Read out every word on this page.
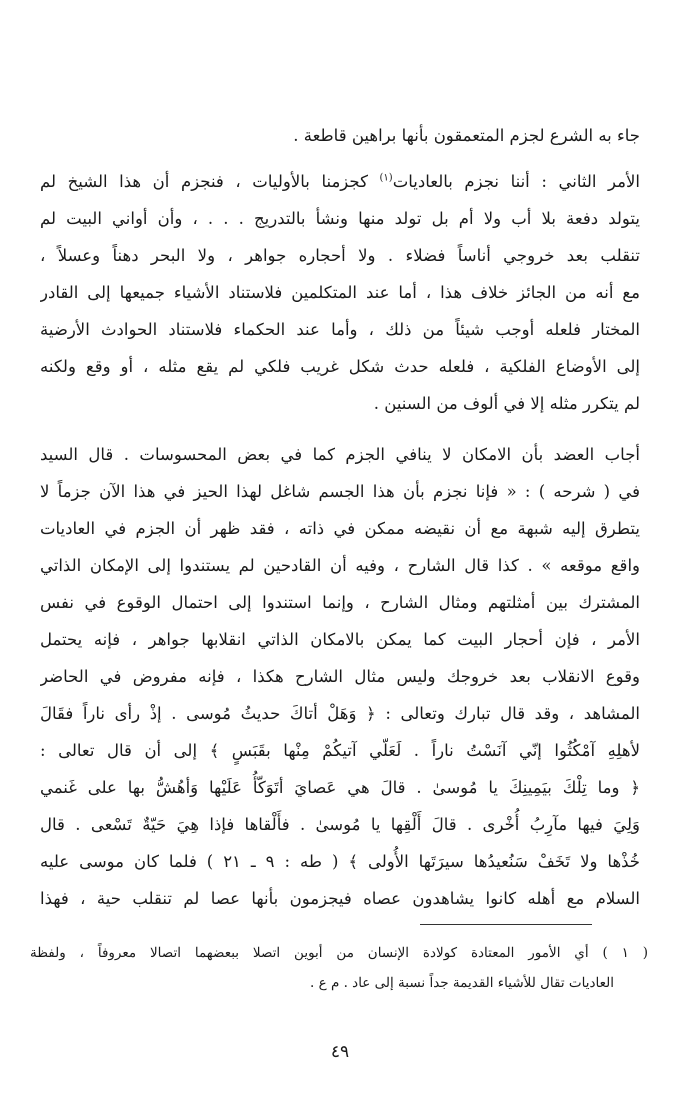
جاء به الشرع لجزم المتعمقون بأنها براهين قاطعة .
الأمر الثاني : أننا نجزم بالعاديات$^{(١)}$ كجزمنا بالأوليات ، فنجزم أن هذا الشيخ لم
يتولد دفعة بلا أب ولا أم بل تولد منها ونشأ بالتدريج . . . ، وأن أواني البيت لم
تنقلب بعد خروجي أناساً فضلاء . ولا أحجاره جواهر ، ولا البحر دهناً وعسلاً ،
مع أنه من الجائز خلاف هذا ، أما عند المتكلمين فلاستناد الأشياء جميعها إلى القادر
المختار فلعله أوجب شيئاً من ذلك ، وأما عند الحكماء فلاستناد الحوادث الأرضية
إلى الأوضاع الفلكية ، فلعله حدث شكل غريب فلكي لم يقع مثله ، أو وقع ولكنه
لم يتكرر مثله إلا في ألوف من السنين .
أجاب العضد بأن الامكان لا ينافي الجزم كما في بعض المحسوسات . قال السيد
في ( شرحه ) : « فإنا نجزم بأن هذا الجسم شاغل لهذا الحيز في هذا الآن جزماً لا
يتطرق إليه شبهة مع أن نقيضه ممكن في ذاته ، فقد ظهر أن الجزم في العاديات
واقع موقعه » . كذا قال الشارح ، وفيه أن القادحين لم يستندوا إلى الإمكان الذاتي
المشترك بين أمثلتهم ومثال الشارح ، وإنما استندوا إلى احتمال الوقوع في نفس
الأمر ، فإن أحجار البيت كما يمكن بالامكان الذاتي انقلابها جواهر ، فإنه يحتمل
وقوع الانقلاب بعد خروجك وليس مثال الشارح هكذا ، فإنه مفروض في الحاضر
المشاهد ، وقد قال تبارك وتعالى : ﴿ وَهَلْ أتاكَ حديثُ مُوسى . إذْ رأى ناراً فقَالَ
لأهلِهِ آمْكُثُوا إنّي آنَسْتُ ناراً . لَعَلّي آتيكُمْ مِنْها بقَبَسٍ ﴾ إلى أن قال تعالى :
﴿ وما تِلْكَ بيَمِينِكَ يا مُوسىٰ . قالَ هي عَصايَ أتَوَكّأُ عَلَيْها وَأهُشُّ بها على غَنمي
وَلِيَ فيها مآرِبُ أُخْرى . قالَ أَلْقِها يا مُوسىٰ . فأَلْقاها فإذا هِيَ حَيّةٌ تَسْعى . قال
خُذْها ولا تَخَفْ سَنُعيدُها سيرَتَها الأُولى ﴾ ( طه : ٩ ـ ٢١ ) فلما كان موسى عليه
السلام مع أهله كانوا يشاهدون عصاه فيجزمون بأنها عصا لم تنقلب حية ، فهذا
( ١ ) أي الأمور المعتادة كولادة الإنسان من أبوين اتصلا ببعضهما اتصالا معروفاً ، ولفظة
العاديات تقال للأشياء القديمة جداً نسبة إلى عاد . م ع .
٤٩
